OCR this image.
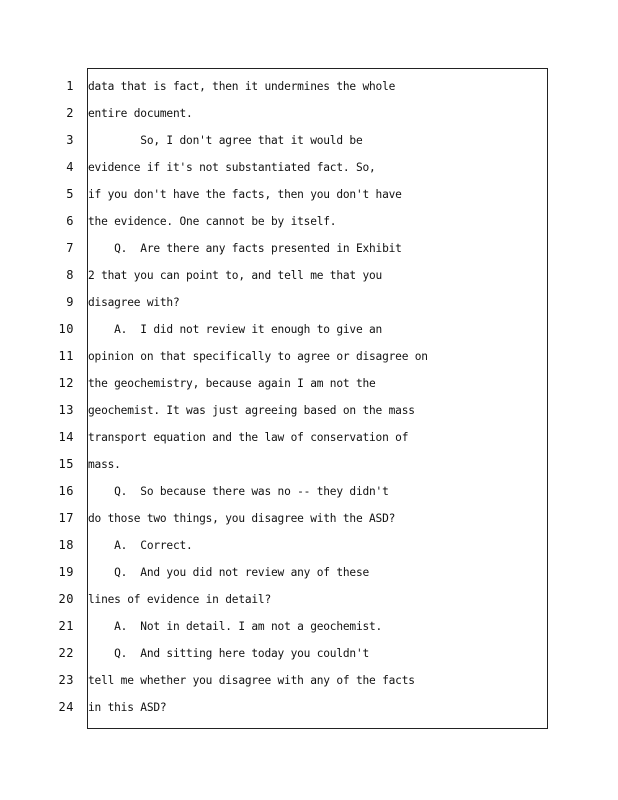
1
2
3
4
5
6
7
8
9
10
11
12
13
14
15
16
17
18
19
20
21
22
23
24
data that is fact, then it undermines the whole
entire document.
So, I don't agree that it would be
evidence if it's not substantiated fact. So,
if you don't have the facts, then you don't have
the evidence. One cannot be by itself.
Q.  Are there any facts presented in Exhibit
2 that you can point to, and tell me that you
disagree with?
A.  I did not review it enough to give an
opinion on that specifically to agree or disagree on
the geochemistry, because again I am not the
geochemist. It was just agreeing based on the mass
transport equation and the law of conservation of
mass.
Q.  So because there was no -- they didn't
do those two things, you disagree with the ASD?
A.  Correct.
Q.  And you did not review any of these
lines of evidence in detail?
A.  Not in detail. I am not a geochemist.
Q.  And sitting here today you couldn't
tell me whether you disagree with any of the facts
in this ASD?
